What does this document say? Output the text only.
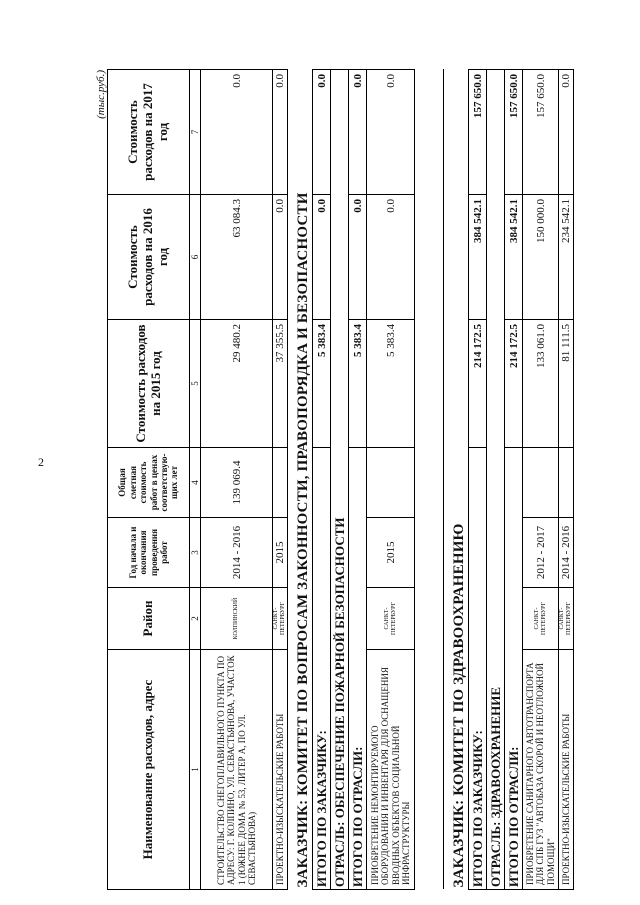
2
(тыс.руб.)
Наименование расходов, адрес	Район	Год начала и окончания проведения работ	Общая сметная стоимость работ в ценах соответствую-щих лет	Стоимость расходов на 2015 год	Стоимость расходов на 2016 год	Стоимость расходов на 2017 год
1	2	3	4	5	6	7
СТРОИТЕЛЬСТВО СНЕГОПЛАВИЛЬНОГО ПУНКТА ПО АДРЕСУ: Г. КОЛПИНО, УЛ. СЕВАСТЬЯНОВА, УЧАСТОК 1 (ЮЖНЕЕ ДОМА № 53, ЛИТЕР А, ПО УЛ. СЕВАСТЬЯНОВА)	КОЛПИНСКИЙ	2014 - 2016	139 069.4	29 480.2	63 084.3	0.0
ПРОЕКТНО-ИЗЫСКАТЕЛЬСКИЕ РАБОТЫ	САНКТ-ПЕТЕРБУРГ	2015		37 355.5	0.0	0.0
ЗАКАЗЧИК: КОМИТЕТ ПО ВОПРОСАМ ЗАКОННОСТИ, ПРАВОПОРЯДКА И БЕЗОПАСНОСТИ						
ИТОГО ПО ЗАКАЗЧИКУ:				5 383.4	0.0	0.0
ОТРАСЛЬ: ОБЕСПЕЧЕНИЕ ПОЖАРНОЙ БЕЗОПАСНОСТИ						
ИТОГО ПО ОТРАСЛИ:				5 383.4	0.0	0.0
ПРИОБРЕТЕНИЕ НЕМОНТИРУЕМОГО ОБОРУДОВАНИЯ И ИНВЕНТАРЯ ДЛЯ ОСНАЩЕНИЯ ВВОДНЫХ ОБЪЕКТОВ СОЦИАЛЬНОЙ ИНФРАСТРУКТУРЫ	САНКТ-ПЕТЕРБУРГ	2015		5 383.4	0.0	0.0

ЗАКАЗЧИК: КОМИТЕТ ПО ЗДРАВООХРАНЕНИЮ						
ИТОГО ПО ЗАКАЗЧИКУ:				214 172.5	384 542.1	157 650.0
ОТРАСЛЬ: ЗДРАВООХРАНЕНИЕ						
ИТОГО ПО ОТРАСЛИ:				214 172.5	384 542.1	157 650.0
ПРИОБРЕТЕНИЕ САНИТАРНОГО АВТОТРАНСПОРТА ДЛЯ СПБ ГУЗ "АВТОБАЗА СКОРОЙ И НЕОТЛОЖНОЙ ПОМОЩИ"	САНКТ-ПЕТЕРБУРГ	2012 - 2017		133 061.0	150 000.0	157 650.0
ПРОЕКТНО-ИЗЫСКАТЕЛЬСКИЕ РАБОТЫ	САНКТ-ПЕТЕРБУРГ	2014 - 2016		81 111.5	234 542.1	0.0
